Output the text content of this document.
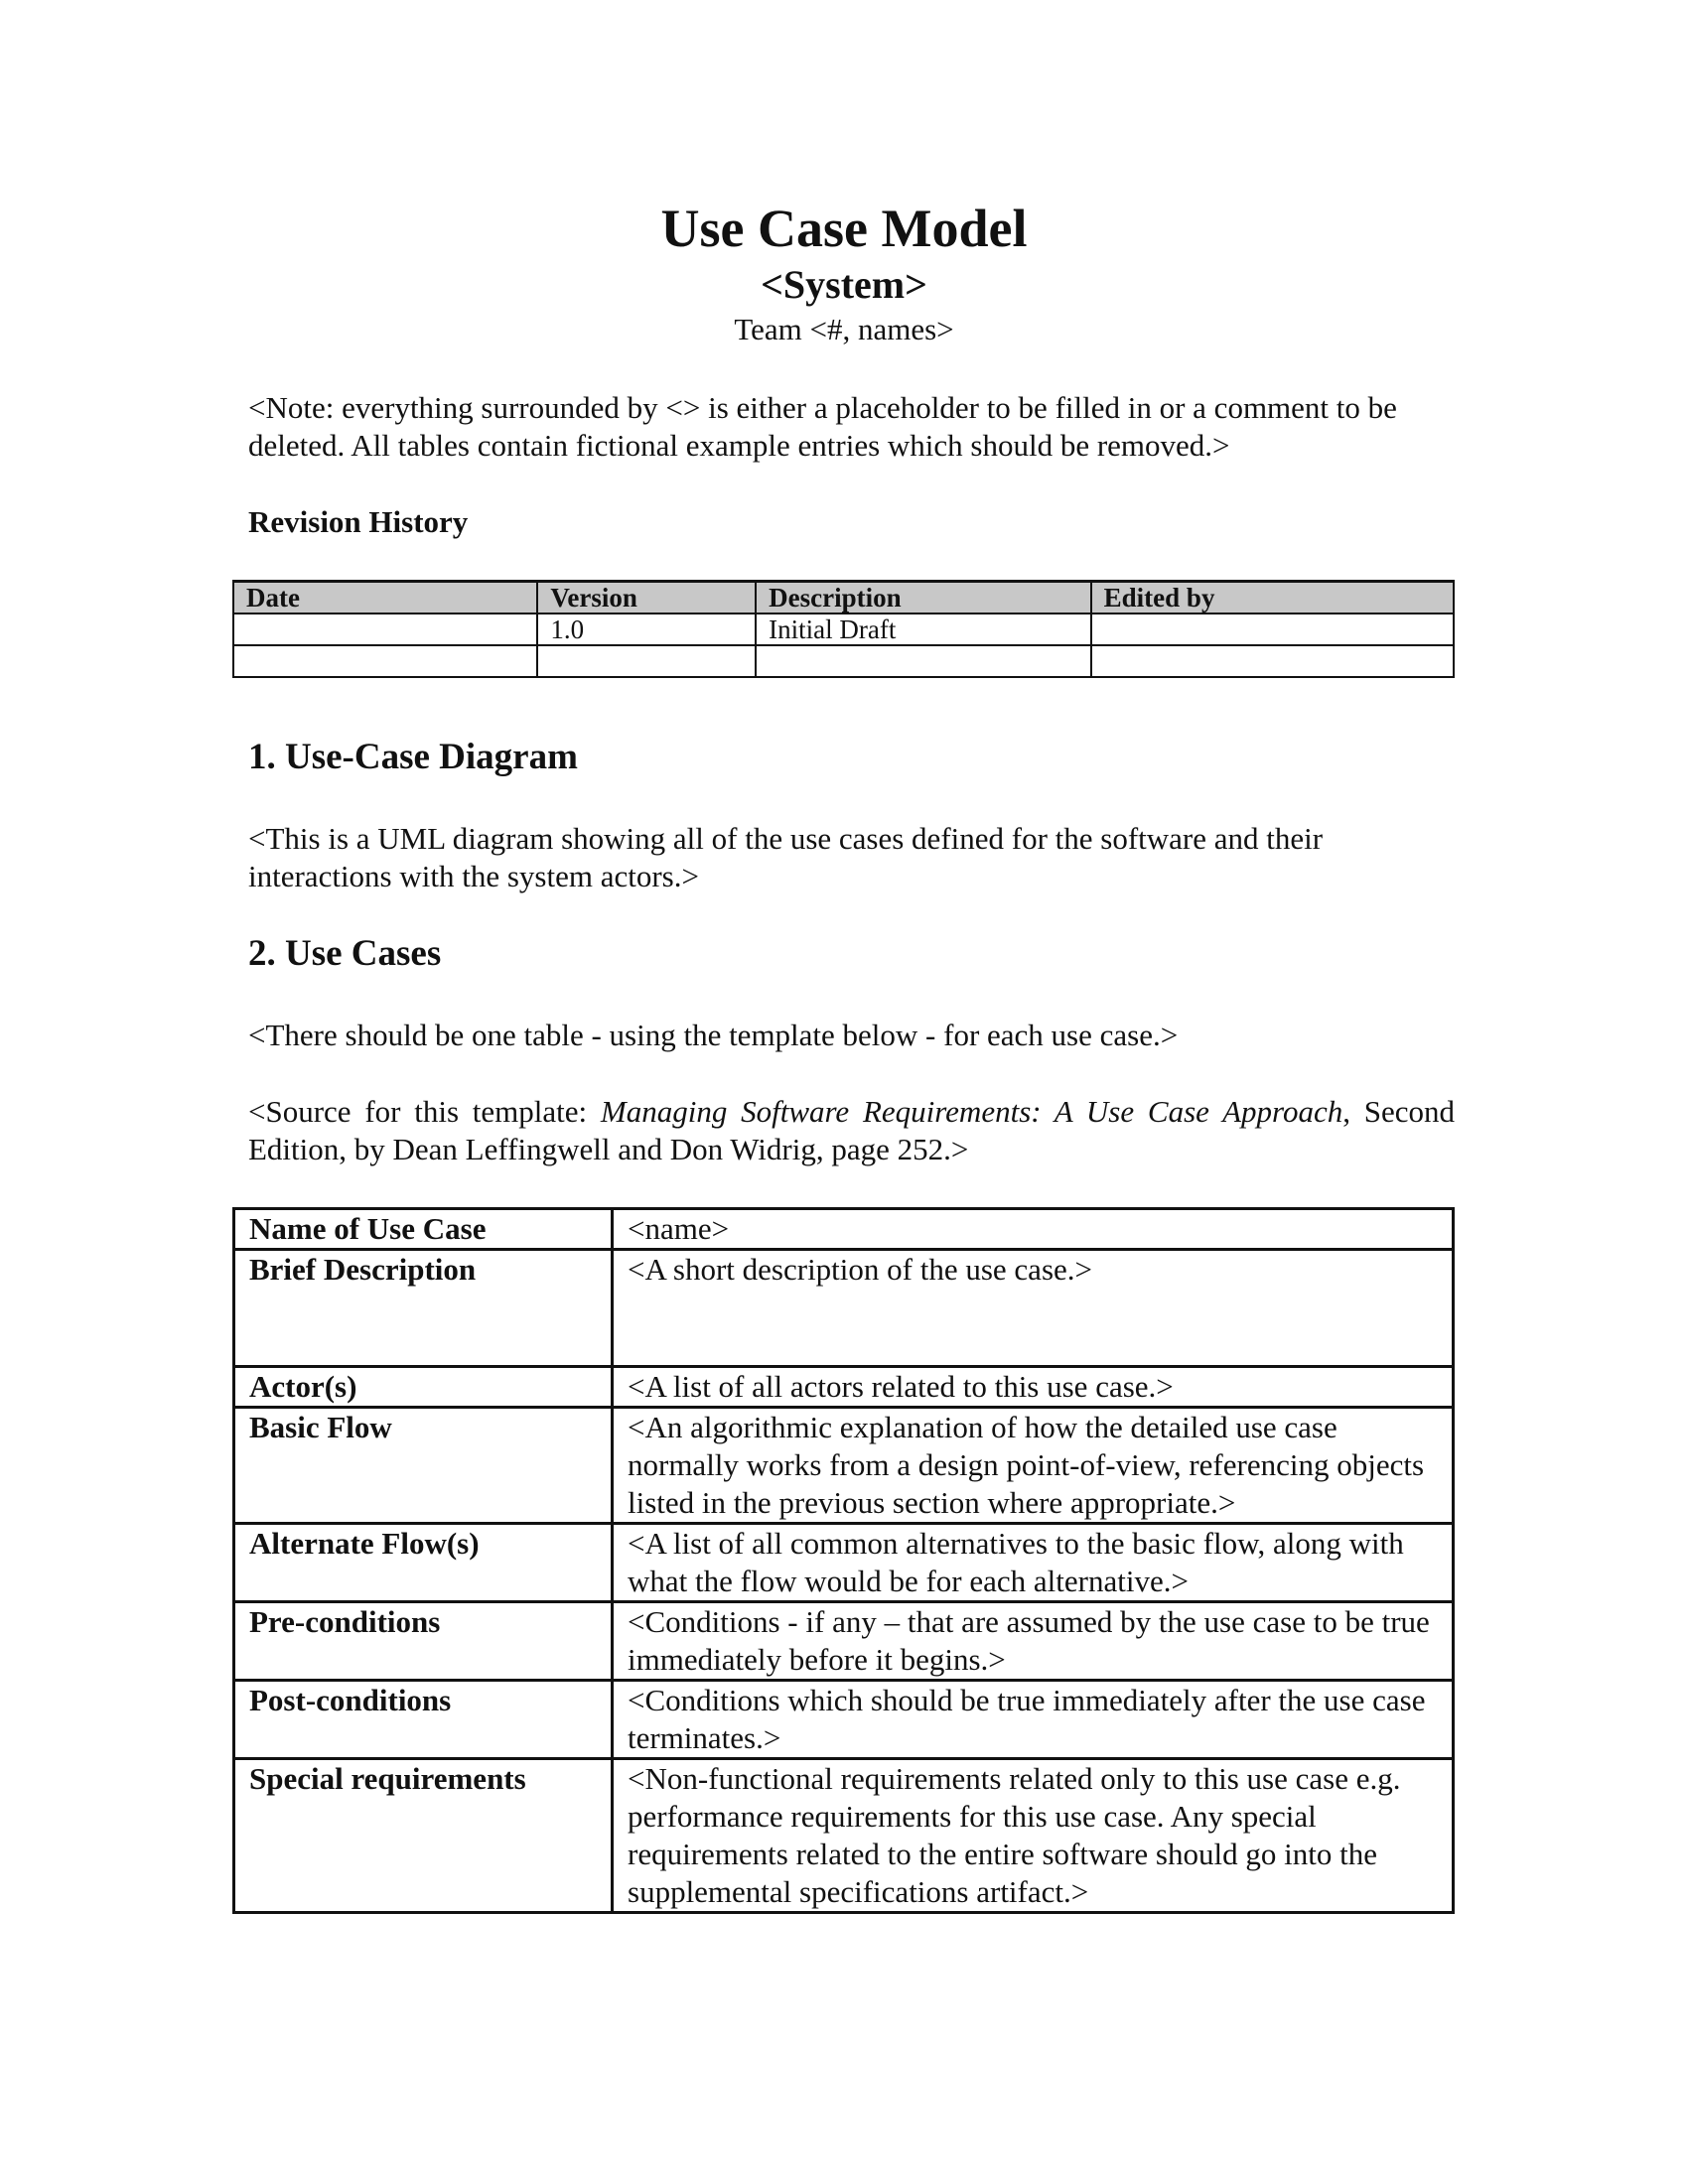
Use Case Model

<System>

Team <#, names>

<Note: everything surrounded by <> is either a placeholder to be filled in or a comment to be deleted. All tables contain fictional example entries which should be removed.>

Revision History

Date	Version	Description	Edited by
	1.0	Initial Draft	

1. Use-Case Diagram

<This is a UML diagram showing all of the use cases defined for the software and their interactions with the system actors.>

2. Use Cases

<There should be one table - using the template below - for each use case.>

<Source for this template: Managing Software Requirements: A Use Case Approach, Second Edition, by Dean Leffingwell and Don Widrig, page 252.>

Name of Use Case	<name>
Brief Description	<A short description of the use case.>
Actor(s)	<A list of all actors related to this use case.>
Basic Flow	<An algorithmic explanation of how the detailed use case normally works from a design point-of-view, referencing objects listed in the previous section where appropriate.>
Alternate Flow(s)	<A list of all common alternatives to the basic flow, along with what the flow would be for each alternative.>
Pre-conditions	<Conditions - if any – that are assumed by the use case to be true immediately before it begins.>
Post-conditions	<Conditions which should be true immediately after the use case terminates.>
Special requirements	<Non-functional requirements related only to this use case e.g. performance requirements for this use case. Any special requirements related to the entire software should go into the supplemental specifications artifact.>
